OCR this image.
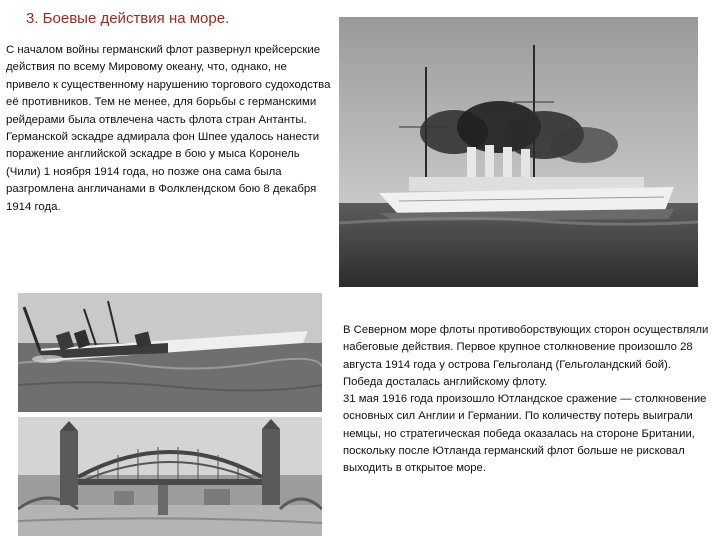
3. Боевые действия на море.

С началом войны германский флот развернул крейсерские действия по всему Мировому океану, что, однако, не привело к существенному нарушению торгового судоходства её противников. Тем не менее, для борьбы с германскими рейдерами была отвлечена часть флота стран Антанты. Германской эскадре адмирала фон Шпее удалось нанести поражение английской эскадре в бою у мыса Коронель (Чили) 1 ноября 1914 года, но позже она сама была разгромлена англичанами в Фолклендском бою 8 декабря 1914 года.

В Северном море флоты противоборствующих сторон осуществляли набеговые действия. Первое крупное столкновение произошло 28 августа 1914 года у острова Гельголанд (Гельголандский бой). Победа досталась английскому флоту.

31 мая 1916 года произошло Ютландское сражение — столкновение основных сил Англии и Германии. По количеству потерь выиграли немцы, но стратегическая победа оказалась на стороне Британии, поскольку после Ютланда германский флот больше не рисковал выходить в открытое море.
